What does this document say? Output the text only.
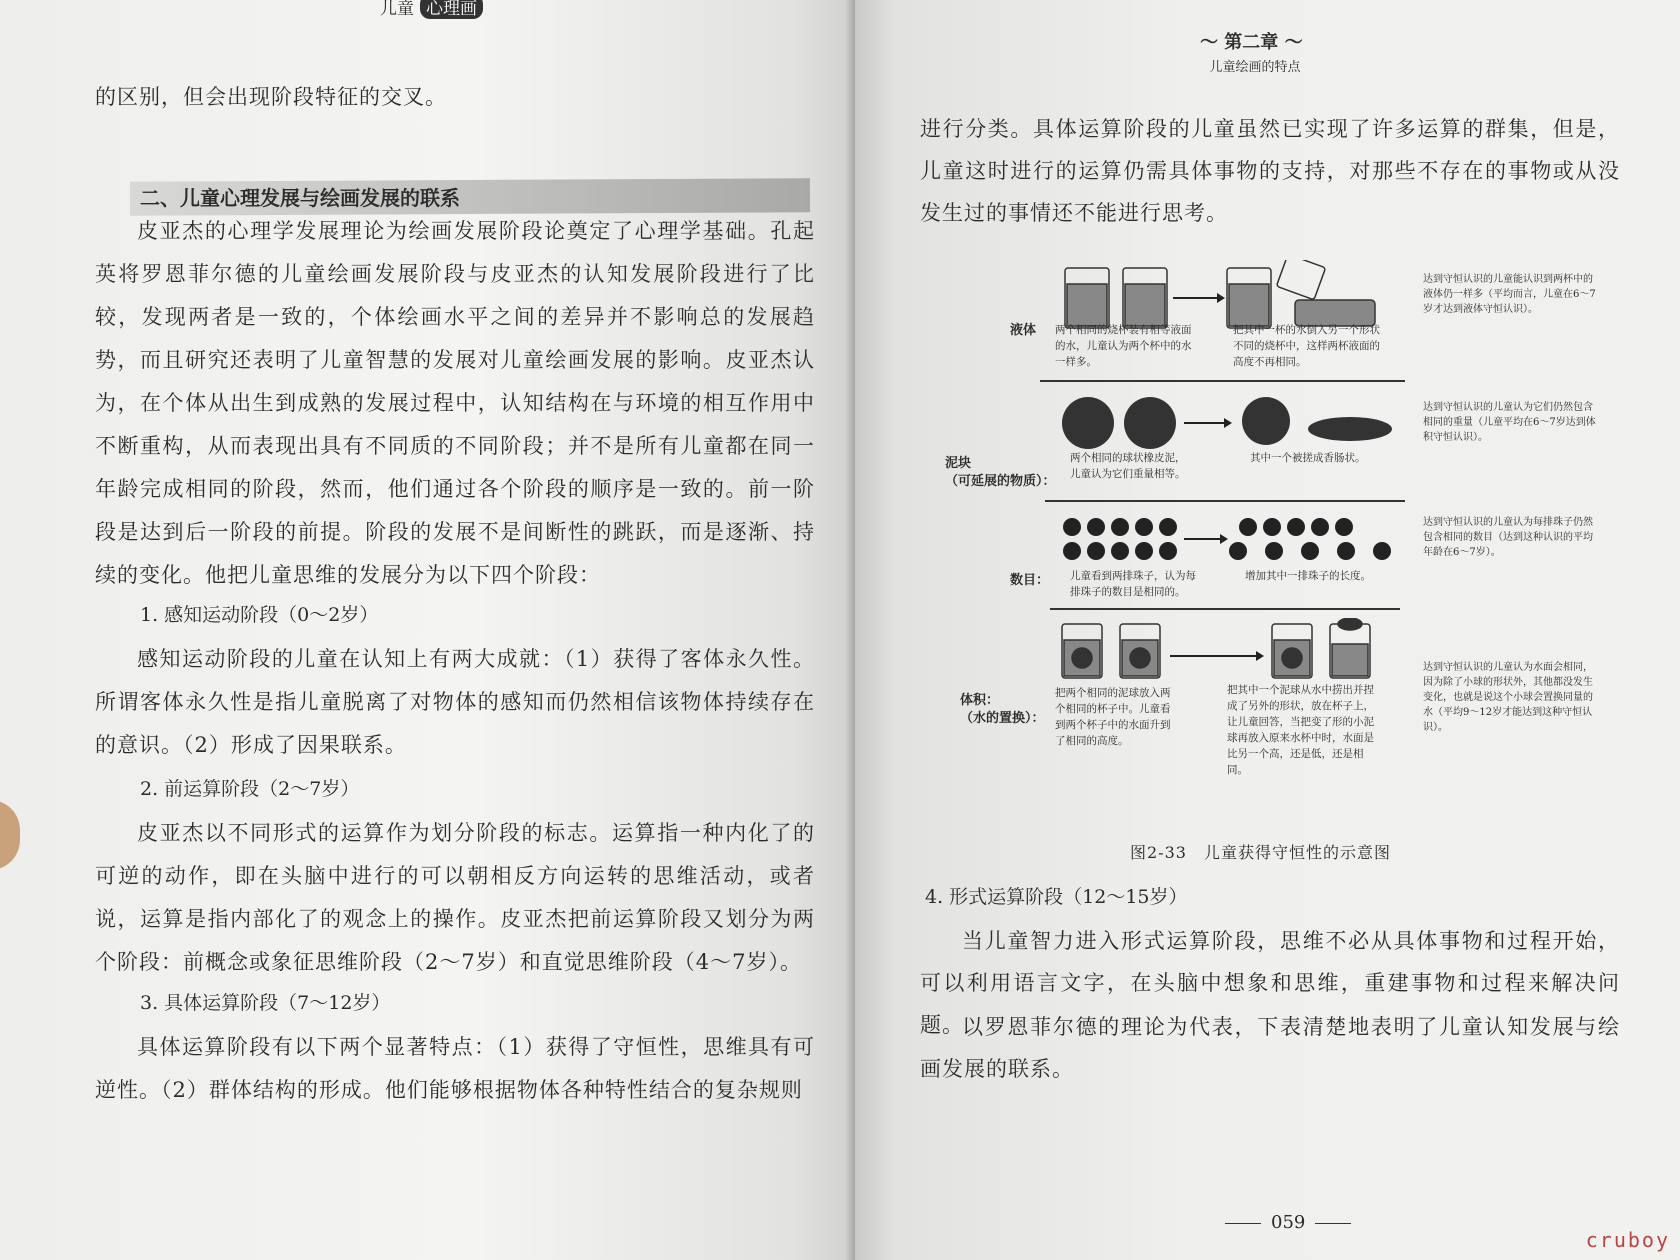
儿童 心理画

的区别，但会出现阶段特征的交叉。

二、儿童心理发展与绘画发展的联系

皮亚杰的心理学发展理论为绘画发展阶段论奠定了心理学基础。孔起英将罗恩菲尔德的儿童绘画发展阶段与皮亚杰的认知发展阶段进行了比较，发现两者是一致的，个体绘画水平之间的差异并不影响总的发展趋势，而且研究还表明了儿童智慧的发展对儿童绘画发展的影响。皮亚杰认为，在个体从出生到成熟的发展过程中，认知结构在与环境的相互作用中不断重构，从而表现出具有不同质的不同阶段；并不是所有儿童都在同一年龄完成相同的阶段，然而，他们通过各个阶段的顺序是一致的。前一阶段是达到后一阶段的前提。阶段的发展不是间断性的跳跃，而是逐渐、持续的变化。他把儿童思维的发展分为以下四个阶段：

1. 感知运动阶段（0～2岁）

感知运动阶段的儿童在认知上有两大成就：（1）获得了客体永久性。所谓客体永久性是指儿童脱离了对物体的感知而仍然相信该物体持续存在的意识。（2）形成了因果联系。

2. 前运算阶段（2～7岁）

皮亚杰以不同形式的运算作为划分阶段的标志。运算指一种内化了的可逆的动作，即在头脑中进行的可以朝相反方向运转的思维活动，或者说，运算是指内部化了的观念上的操作。皮亚杰把前运算阶段又划分为两个阶段：前概念或象征思维阶段（2～7岁）和直觉思维阶段（4～7岁）。

3. 具体运算阶段（7～12岁）

具体运算阶段有以下两个显著特点：（1）获得了守恒性，思维具有可逆性。（2）群体结构的形成。他们能够根据物体各种特性结合的复杂规则

～ 第二章 ～
儿童绘画的特点

进行分类。具体运算阶段的儿童虽然已实现了许多运算的群集，但是，儿童这时进行的运算仍需具体事物的支持，对那些不存在的事物或从没发生过的事情还不能进行思考。

液体 两个相同的烧杯装有相等液面的水，儿童认为两个杯中的水一样多。
把其中一杯的水倒入另一个形状不同的烧杯中，这样两杯液面的高度不再相同。
达到守恒认识的儿童能认识到两杯中的液体仍一样多（平均而言，儿童在6～7岁才达到液体守恒认识）。
泥块
（可延展的物质）：
两个相同的球状橡皮泥，儿童认为它们重量相等。
其中一个被搓成香肠状。
达到守恒认识的儿童认为它们仍然包含相同的重量（儿童平均在6～7岁达到体积守恒认识）。
数目： 儿童看到两排珠子，认为每排珠子的数目是相同的。
增加其中一排珠子的长度。
达到守恒认识的儿童认为每排珠子仍然包含相同的数目（达到这种认识的平均年龄在6～7岁）。
体积：
（水的置换）：
把两个相同的泥球放入两个相同的杯子中。儿童看到两个杯子中的水面升到了相同的高度。
把其中一个泥球从水中捞出并捏成了另外的形状，放在杯子上，让儿童回答，当把变了形的小泥球再放入原来水杯中时，水面是比另一个高，还是低，还是相同。
达到守恒认识的儿童认为水面会相同，因为除了小球的形状外，其他都没发生变化，也就是说这个小球会置换同量的水（平均9～12岁才能达到这种守恒认识）。
图2-33　儿童获得守恒性的示意图
4. 形式运算阶段（12～15岁）

当儿童智力进入形式运算阶段，思维不必从具体事物和过程开始，可以利用语言文字，在头脑中想象和思维，重建事物和过程来解决问题。

以罗恩菲尔德的理论为代表，下表清楚地表明了儿童认知发展与绘画发展的联系。

059
cruboy
